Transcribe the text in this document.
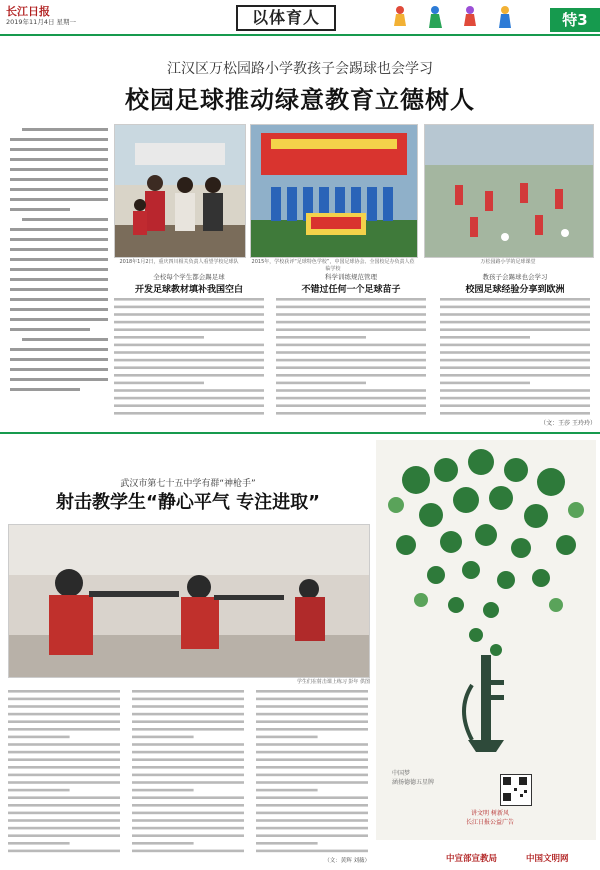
长江日报
2019年11月4日 星期一	以体育人	特3
江汉区万松园路小学教孩子会踢球也会学习
校园足球推动绿意教育立德树人
2018年1月2日，重庆四川相关负责人看望学校足球队	2015年，学校获评“足球特色学校”，中国足球协会、全国校足办负责人莅临学校
万松园路小学的足球课堂
全校每个学生都会踢足球
开发足球教材填补我国空白
科学训练规范管理
不错过任何一个足球苗子
教孩子会踢球也会学习
校园足球经验分享到欧洲
（文：王莎 王玲玲）
武汉市第七十五中学有群“神枪手”
射击教学生“静心平气 专注进取”
学生们在射击课上练习 彭年 供图
（文：黄辉 刘薇）
中国梦
涵扬德德五星牌
讲文明 树新风
长江日报公益广告
中宣部宣教局	中国文明网
